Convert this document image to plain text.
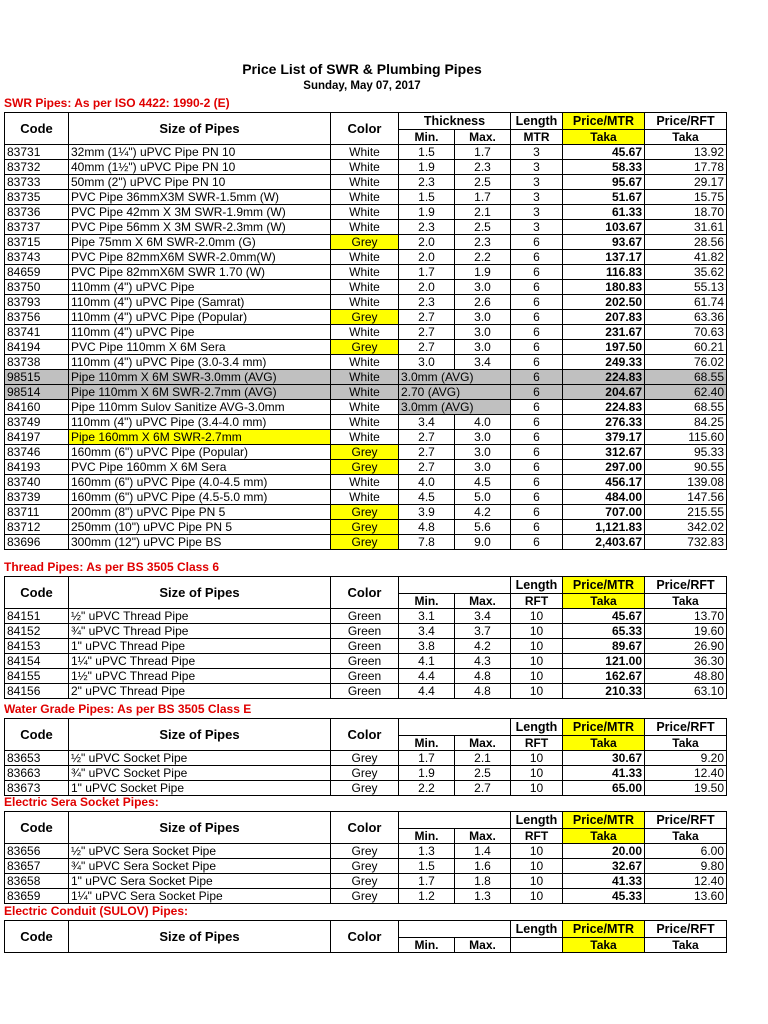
Price List of SWR & Plumbing Pipes
Sunday, May 07, 2017
SWR Pipes: As per ISO 4422: 1990-2 (E)
Code	Size of Pipes	Color	Thickness		Length	Price/MTR	Price/RFT
			Min.	Max.	MTR	Taka	Taka
83731	32mm (1¼") uPVC Pipe PN 10	White	1.5	1.7	3	45.67	13.92
83732	40mm (1½") uPVC Pipe PN 10	White	1.9	2.3	3	58.33	17.78
83733	50mm (2") uPVC Pipe PN 10	White	2.3	2.5	3	95.67	29.17
83735	PVC Pipe 36mmX3M SWR-1.5mm (W)	White	1.5	1.7	3	51.67	15.75
83736	PVC Pipe 42mm X 3M SWR-1.9mm (W)	White	1.9	2.1	3	61.33	18.70
83737	PVC Pipe 56mm X 3M SWR-2.3mm (W)	White	2.3	2.5	3	103.67	31.61
83715	Pipe 75mm X 6M SWR-2.0mm (G)	Grey	2.0	2.3	6	93.67	28.56
83743	PVC Pipe 82mmX6M SWR-2.0mm(W)	White	2.0	2.2	6	137.17	41.82
84659	PVC Pipe 82mmX6M SWR 1.70 (W)	White	1.7	1.9	6	116.83	35.62
83750	110mm (4") uPVC Pipe	White	2.0	3.0	6	180.83	55.13
83793	110mm (4") uPVC Pipe (Samrat)	White	2.3	2.6	6	202.50	61.74
83756	110mm (4") uPVC Pipe (Popular)	Grey	2.7	3.0	6	207.83	63.36
83741	110mm (4") uPVC Pipe	White	2.7	3.0	6	231.67	70.63
84194	PVC Pipe 110mm X 6M Sera	Grey	2.7	3.0	6	197.50	60.21
83738	110mm (4") uPVC Pipe (3.0-3.4 mm)	White	3.0	3.4	6	249.33	76.02
98515	Pipe 110mm X 6M SWR-3.0mm (AVG)	White	3.0mm (AVG)		6	224.83	68.55
98514	Pipe 110mm X 6M SWR-2.7mm (AVG)	White	2.70 (AVG)		6	204.67	62.40
84160	Pipe 110mm Sulov Sanitize AVG-3.0mm	White	3.0mm (AVG)		6	224.83	68.55
83749	110mm (4") uPVC Pipe (3.4-4.0 mm)	White	3.4	4.0	6	276.33	84.25
84197	Pipe 160mm X 6M SWR-2.7mm	White	2.7	3.0	6	379.17	115.60
83746	160mm (6") uPVC Pipe (Popular)	Grey	2.7	3.0	6	312.67	95.33
84193	PVC Pipe 160mm X 6M Sera	Grey	2.7	3.0	6	297.00	90.55
83740	160mm (6") uPVC Pipe (4.0-4.5 mm)	White	4.0	4.5	6	456.17	139.08
83739	160mm (6") uPVC Pipe (4.5-5.0 mm)	White	4.5	5.0	6	484.00	147.56
83711	200mm (8") uPVC Pipe PN 5	Grey	3.9	4.2	6	707.00	215.55
83712	250mm (10") uPVC Pipe PN 5	Grey	4.8	5.6	6	1,121.83	342.02
83696	300mm (12") uPVC Pipe BS	Grey	7.8	9.0	6	2,403.67	732.83
Thread Pipes: As per BS 3505 Class 6
Code	Size of Pipes	Color			Length	Price/MTR	Price/RFT
			Min.	Max.	RFT	Taka	Taka
84151	½" uPVC Thread Pipe	Green	3.1	3.4	10	45.67	13.70
84152	¾" uPVC Thread Pipe	Green	3.4	3.7	10	65.33	19.60
84153	1" uPVC Thread Pipe	Green	3.8	4.2	10	89.67	26.90
84154	1¼" uPVC Thread Pipe	Green	4.1	4.3	10	121.00	36.30
84155	1½" uPVC Thread Pipe	Green	4.4	4.8	10	162.67	48.80
84156	2" uPVC Thread Pipe	Green	4.4	4.8	10	210.33	63.10
Water Grade Pipes: As per BS 3505 Class E
Code	Size of Pipes	Color			Length	Price/MTR	Price/RFT
			Min.	Max.	RFT	Taka	Taka
83653	½" uPVC Socket Pipe	Grey	1.7	2.1	10	30.67	9.20
83663	¾" uPVC Socket Pipe	Grey	1.9	2.5	10	41.33	12.40
83673	1" uPVC Socket Pipe	Grey	2.2	2.7	10	65.00	19.50
Electric Sera Socket Pipes:
Code	Size of Pipes	Color			Length	Price/MTR	Price/RFT
			Min.	Max.	RFT	Taka	Taka
83656	½" uPVC Sera Socket Pipe	Grey	1.3	1.4	10	20.00	6.00
83657	¾" uPVC Sera Socket Pipe	Grey	1.5	1.6	10	32.67	9.80
83658	1" uPVC Sera Socket Pipe	Grey	1.7	1.8	10	41.33	12.40
83659	1¼" uPVC Sera Socket Pipe	Grey	1.2	1.3	10	45.33	13.60
Electric Conduit (SULOV) Pipes:
Code	Size of Pipes	Color			Length	Price/MTR	Price/RFT
			Min.	Max.		Taka	Taka
